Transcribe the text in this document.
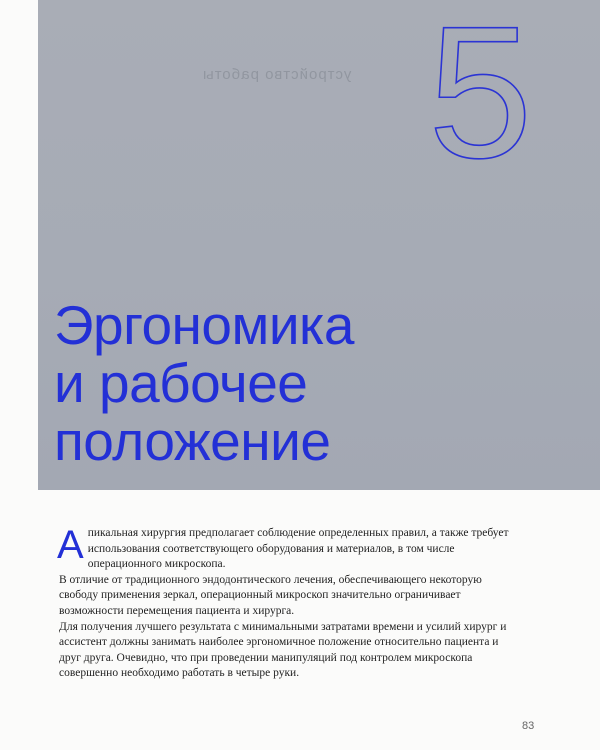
устройство работы 5
Эргономика
и рабочее
положение

Апикальная хирургия предполагает соблюдение определенных правил, а также требует использования соответствующего оборудования и материалов, в том числе операционного микроскопа.

В отличие от традиционного эндодонтического лечения, обеспечивающего некоторую свободу применения зеркал, операционный микроскоп значительно ограничивает возможности перемещения пациента и хирурга.

Для получения лучшего результата с минимальными затратами времени и усилий хирург и ассистент должны занимать наиболее эргономичное положение относительно пациента и друг друга. Очевидно, что при проведении манипуляций под контролем микроскопа совершенно необходимо работать в четыре руки.

83
